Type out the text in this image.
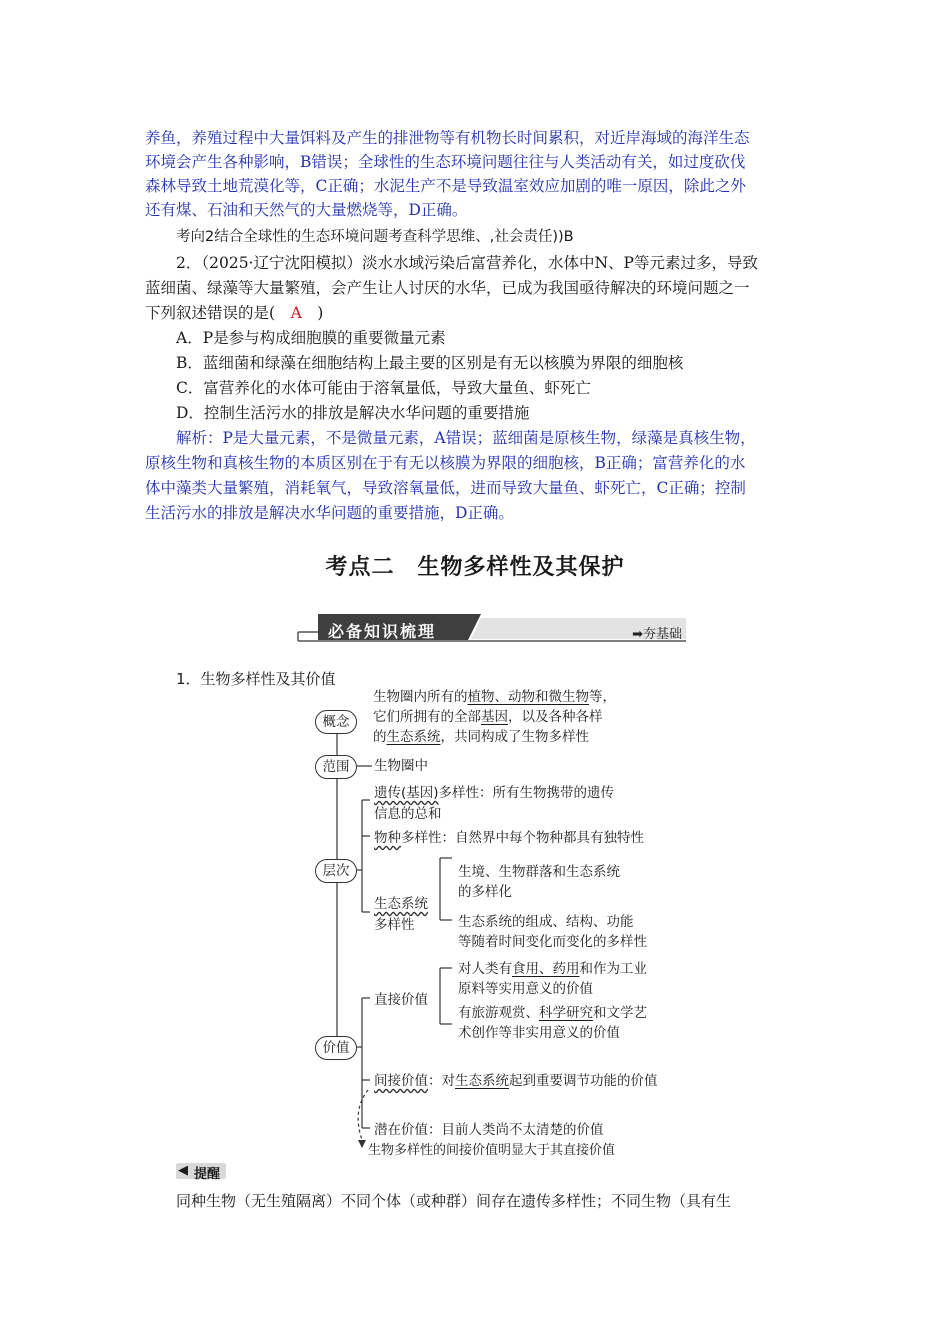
养鱼，养殖过程中大量饵料及产生的排泄物等有机物长时间累积，对近岸海域的海洋生态
环境会产生各种影响，B错误；全球性的生态环境问题往往与人类活动有关，如过度砍伐
森林导致土地荒漠化等，C正确；水泥生产不是导致温室效应加剧的唯一原因，除此之外
还有煤、石油和天然气的大量燃烧等，D正确。
考向2结合全球性的生态环境问题考查科学思维、,社会责任))B
2．（2025·辽宁沈阳模拟）淡水水域污染后富营养化，水体中N、P等元素过多，导致
蓝细菌、绿藻等大量繁殖，会产生让人讨厌的水华，已成为我国亟待解决的环境问题之一
下列叙述错误的是(　A　)
A．P是参与构成细胞膜的重要微量元素
B．蓝细菌和绿藻在细胞结构上最主要的区别是有无以核膜为界限的细胞核
C．富营养化的水体可能由于溶氧量低，导致大量鱼、虾死亡
D．控制生活污水的排放是解决水华问题的重要措施
解析：P是大量元素，不是微量元素，A错误；蓝细菌是原核生物，绿藻是真核生物，
原核生物和真核生物的本质区别在于有无以核膜为界限的细胞核，B正确；富营养化的水
体中藻类大量繁殖，消耗氧气，导致溶氧量低，进而导致大量鱼、虾死亡，C正确；控制
生活污水的排放是解决水华问题的重要措施，D正确。
考点二　生物多样性及其保护
必备知识梳理	➡夯基础
1．生物多样性及其价值
概念
生物圈内所有的植物、动物和微生物等，
它们所拥有的全部基因，以及各种各样
的生态系统，共同构成了生物多样性
范围	生物圈中
层次
遗传(基因)多样性：所有生物携带的遗传
信息的总和
物种多样性：自然界中每个物种都具有独特性
生态系统
多样性
生境、生物群落和生态系统
的多样化
生态系统的组成、结构、功能
等随着时间变化而变化的多样性
价值
直接价值
对人类有食用、药用和作为工业
原料等实用意义的价值
有旅游观赏、科学研究和文学艺
术创作等非实用意义的价值
间接价值：对生态系统起到重要调节功能的价值
潜在价值：目前人类尚不太清楚的价值
生物多样性的间接价值明显大于其直接价值
◀ 提醒
同种生物（无生殖隔离）不同个体（或种群）间存在遗传多样性；不同生物（具有生
